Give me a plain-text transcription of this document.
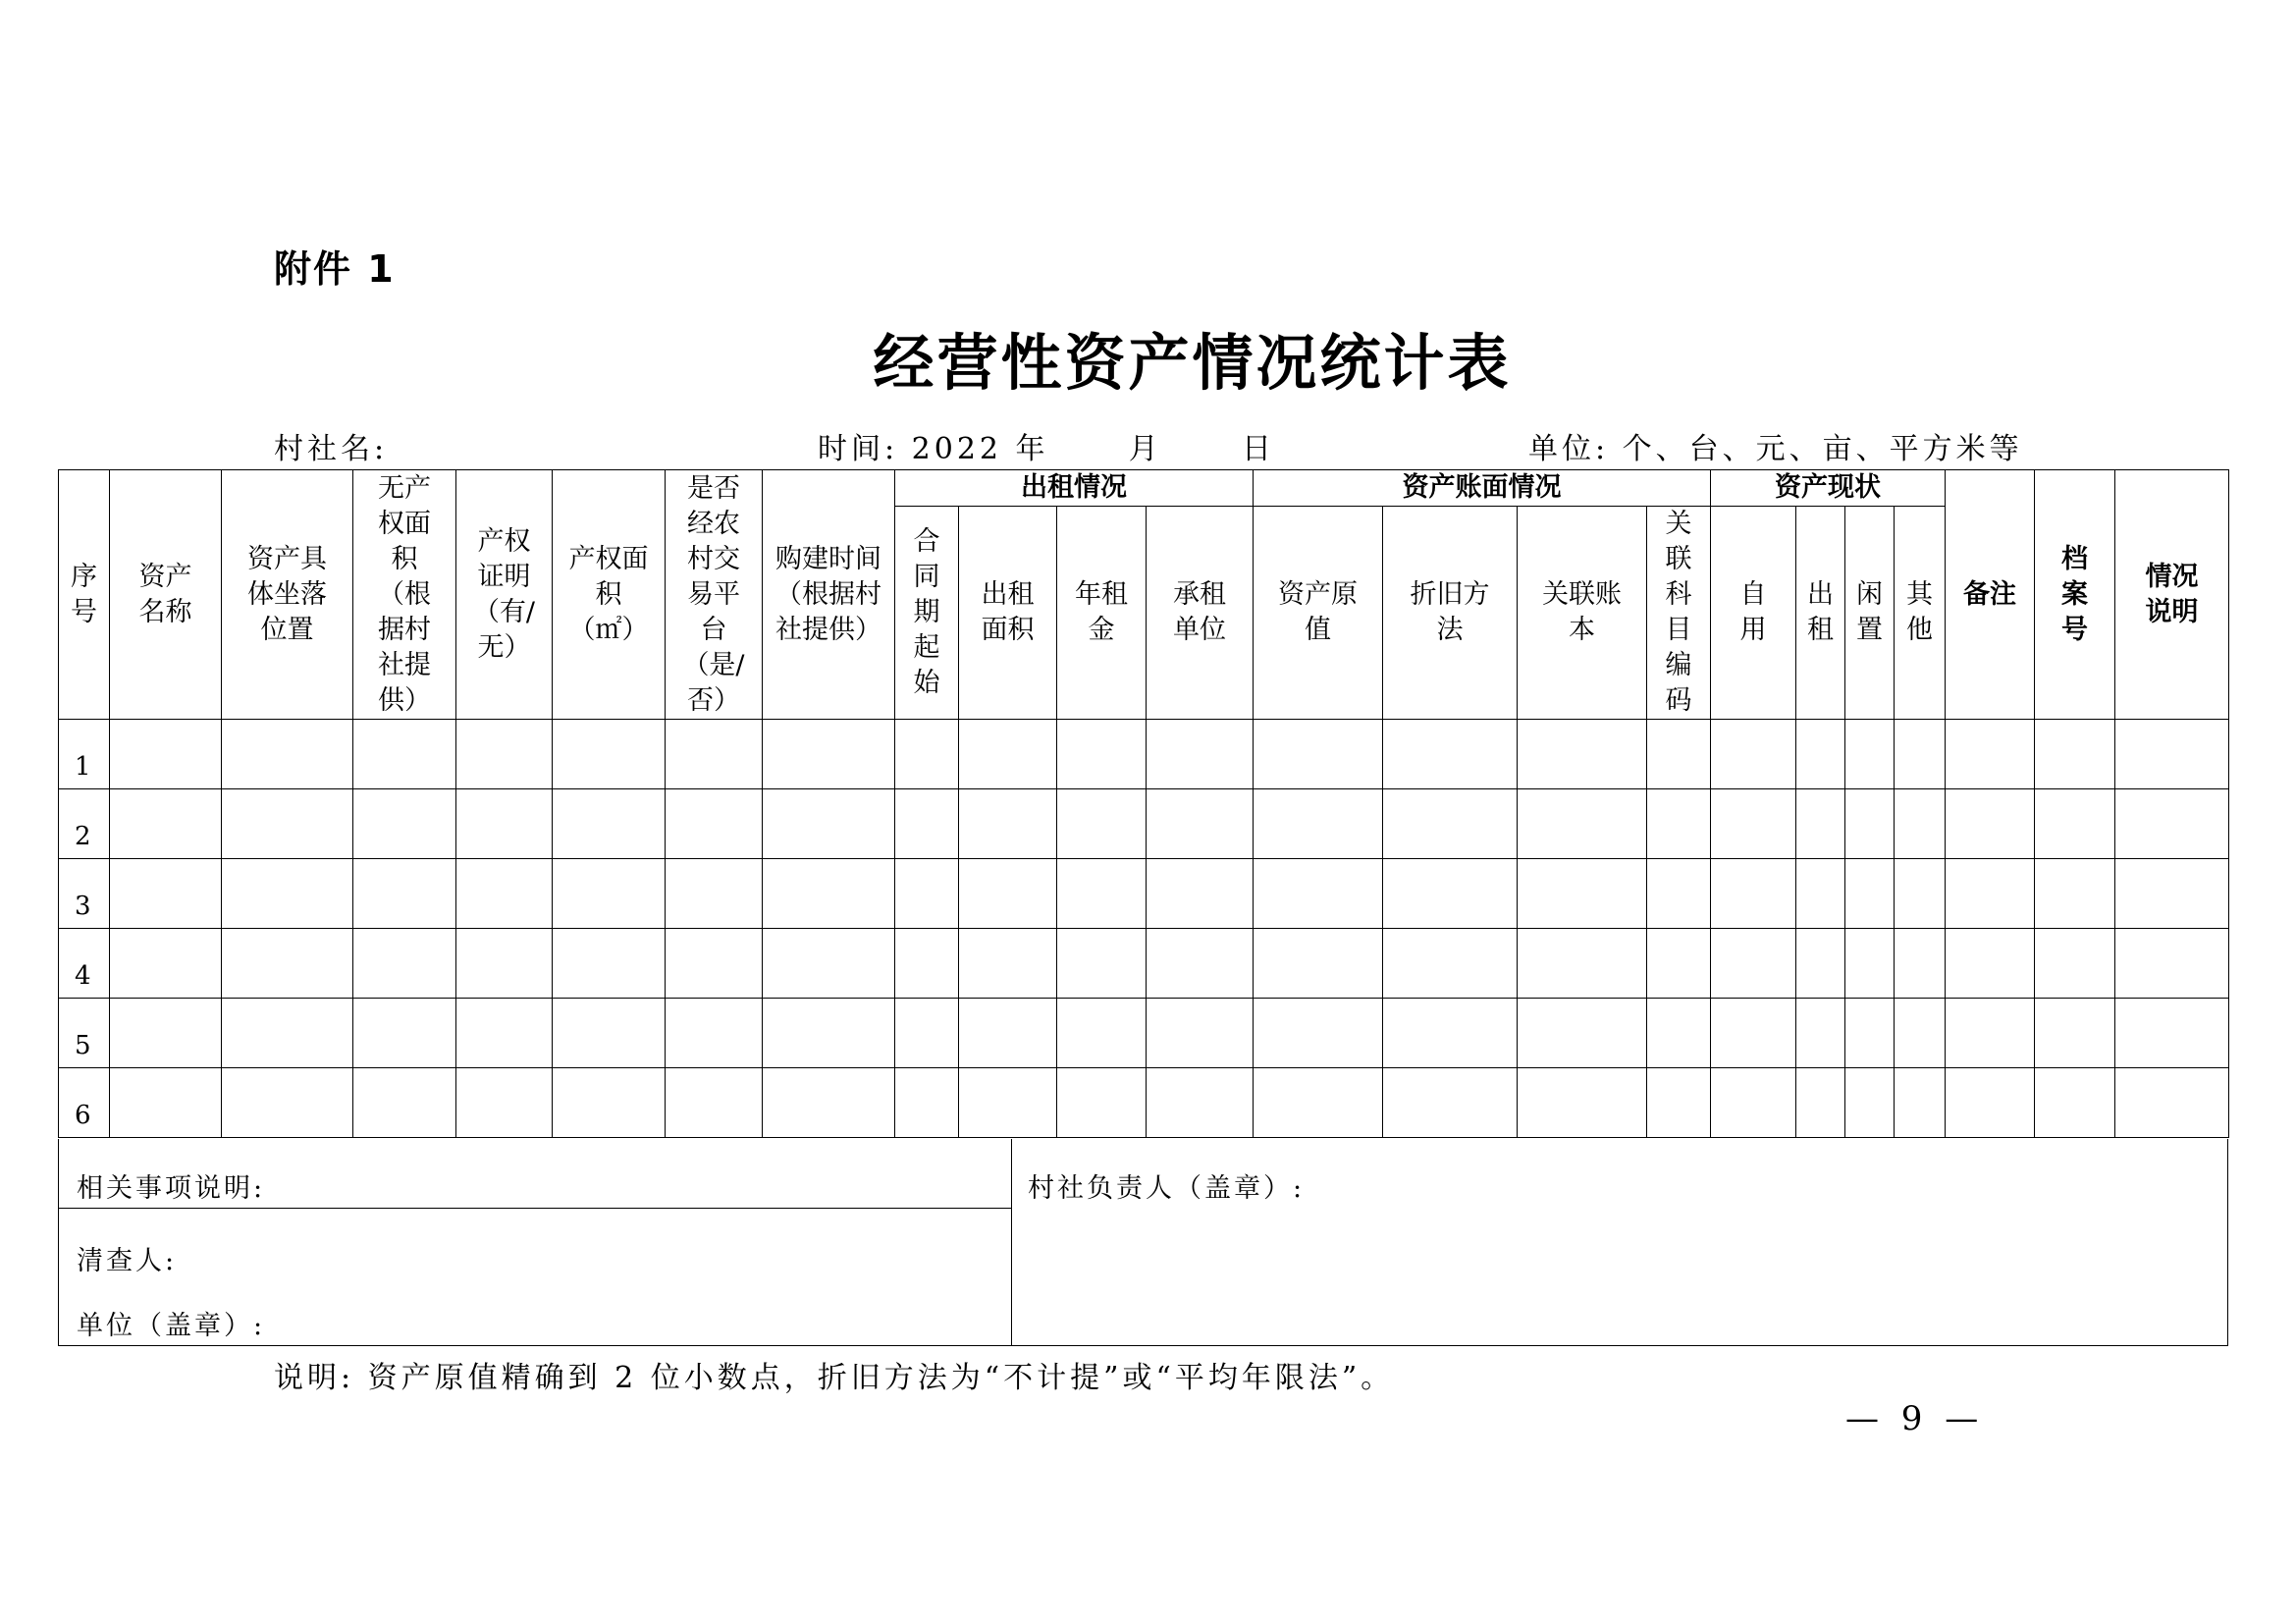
附件 1
经营性资产情况统计表
村社名:	时间: 2022 年      月      日	单位: 个、台、元、亩、平方米等
序号	资产名称	资产具体坐落位置	无产权面积（根据村社提供）	产权证明（有/无）	产权面积（㎡）	是否经农村交易平台（是/否）	购建时间（根据村社提供）	出租情况				资产账面情况				资产现状				备注	档案号	情况说明
								合同期起始	出租面积	年租金	承租单位	资产原值	折旧方法	关联账本	关联科目编码	自用	出租	闲置	其他			
1																						
2																						
3																						
4																						
5																						
6																						
相关事项说明:	村社负责人（盖章）:
清查人:
单位（盖章）:
说明: 资产原值精确到 2 位小数点，折旧方法为“不计提”或“平均年限法”。
— 9 —
